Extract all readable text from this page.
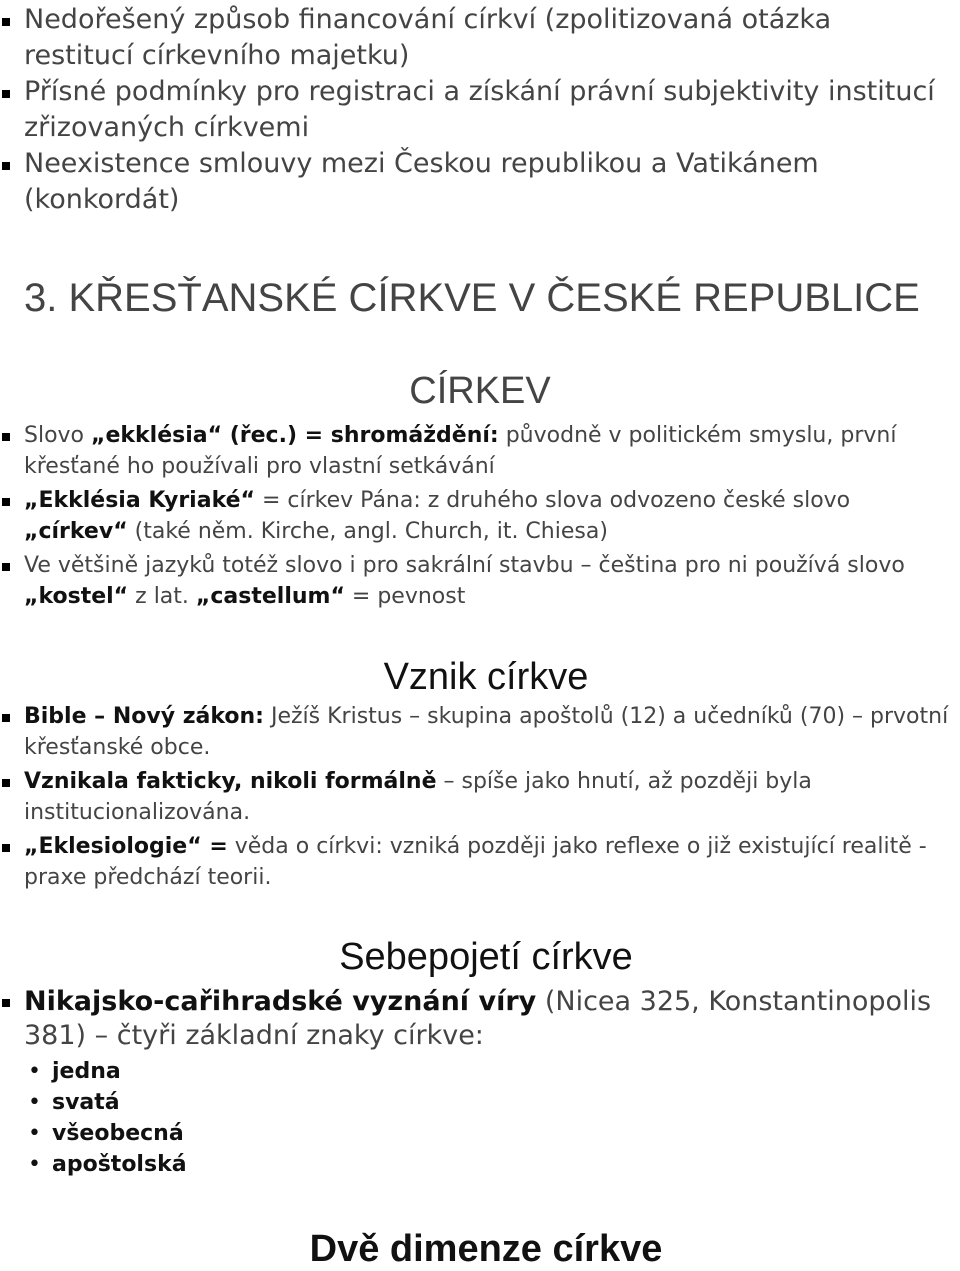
Nedořešený způsob financování církví (zpolitizovaná otázka restitucí církevního majetku)
Přísné podmínky pro registraci a získání právní subjektivity institucí zřizovaných církvemi
Neexistence smlouvy mezi Českou republikou a Vatikánem (konkordát)
3. KŘESŤANSKÉ CÍRKVE V ČESKÉ REPUBLICE
CÍRKEV
Slovo „ekklésia“ (řec.) = shromáždění: původně v politickém smyslu, první křesťané ho používali pro vlastní setkávání
„Ekklésia Kyriaké“ = církev Pána: z druhého slova odvozeno české slovo „církev“ (také něm. Kirche, angl. Church, it. Chiesa)
Ve většině jazyků totéž slovo i pro sakrální stavbu – čeština pro ni používá slovo „kostel“ z lat. „castellum“ = pevnost
Vznik církve
Bible – Nový zákon: Ježíš Kristus – skupina apoštolů (12) a učedníků (70) – prvotní křesťanské obce.
Vznikala fakticky, nikoli formálně – spíše jako hnutí, až později byla institucionalizována.
„Eklesiologie“ = věda o církvi: vzniká později jako reflexe o již existující realitě - praxe předchází teorii.
Sebepojetí církve
Nikajsko-cařihradské vyznání víry (Nicea 325, Konstantinopolis 381) – čtyři základní znaky církve:
• jedna
• svatá
• všeobecná
• apoštolská
Dvě dimenze církve
